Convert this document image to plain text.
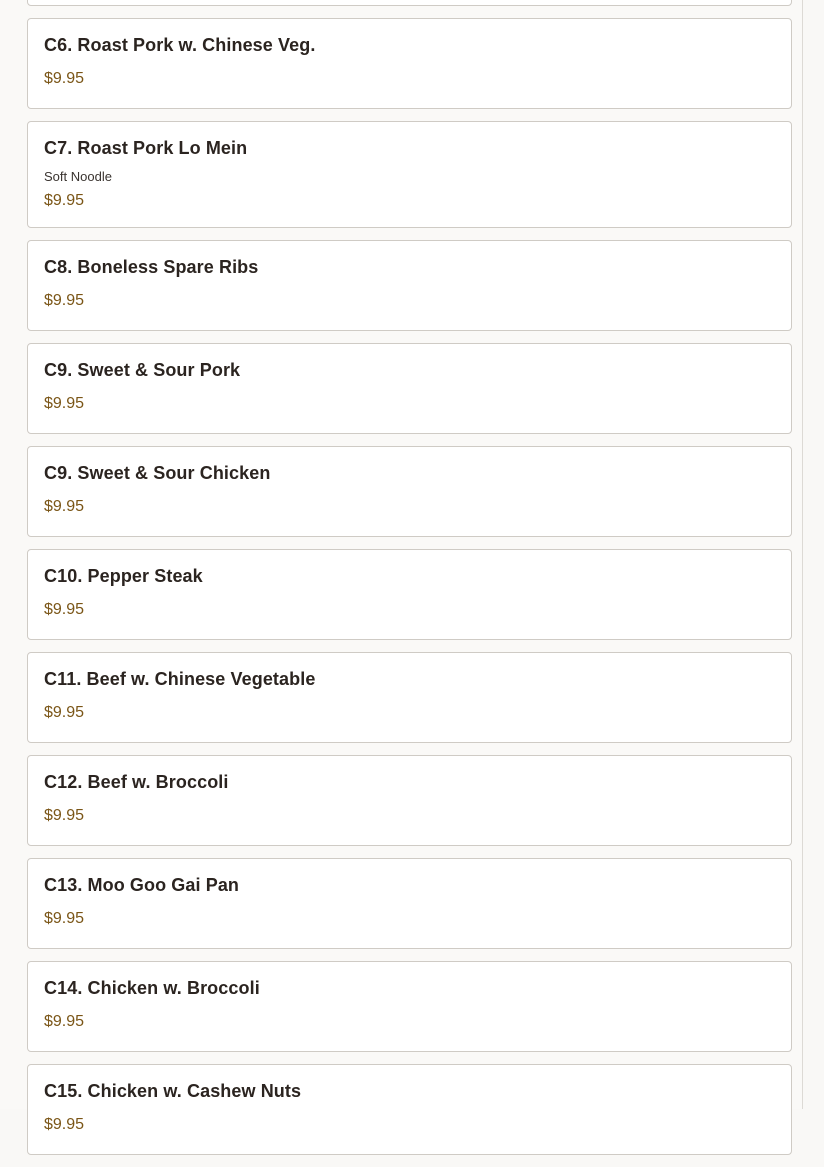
C6. Roast Pork w. Chinese Veg.
$9.95
C7. Roast Pork Lo Mein
Soft Noodle
$9.95
C8. Boneless Spare Ribs
$9.95
C9. Sweet & Sour Pork
$9.95
C9. Sweet & Sour Chicken
$9.95
C10. Pepper Steak
$9.95
C11. Beef w. Chinese Vegetable
$9.95
C12. Beef w. Broccoli
$9.95
C13. Moo Goo Gai Pan
$9.95
C14. Chicken w. Broccoli
$9.95
C15. Chicken w. Cashew Nuts
$9.95
